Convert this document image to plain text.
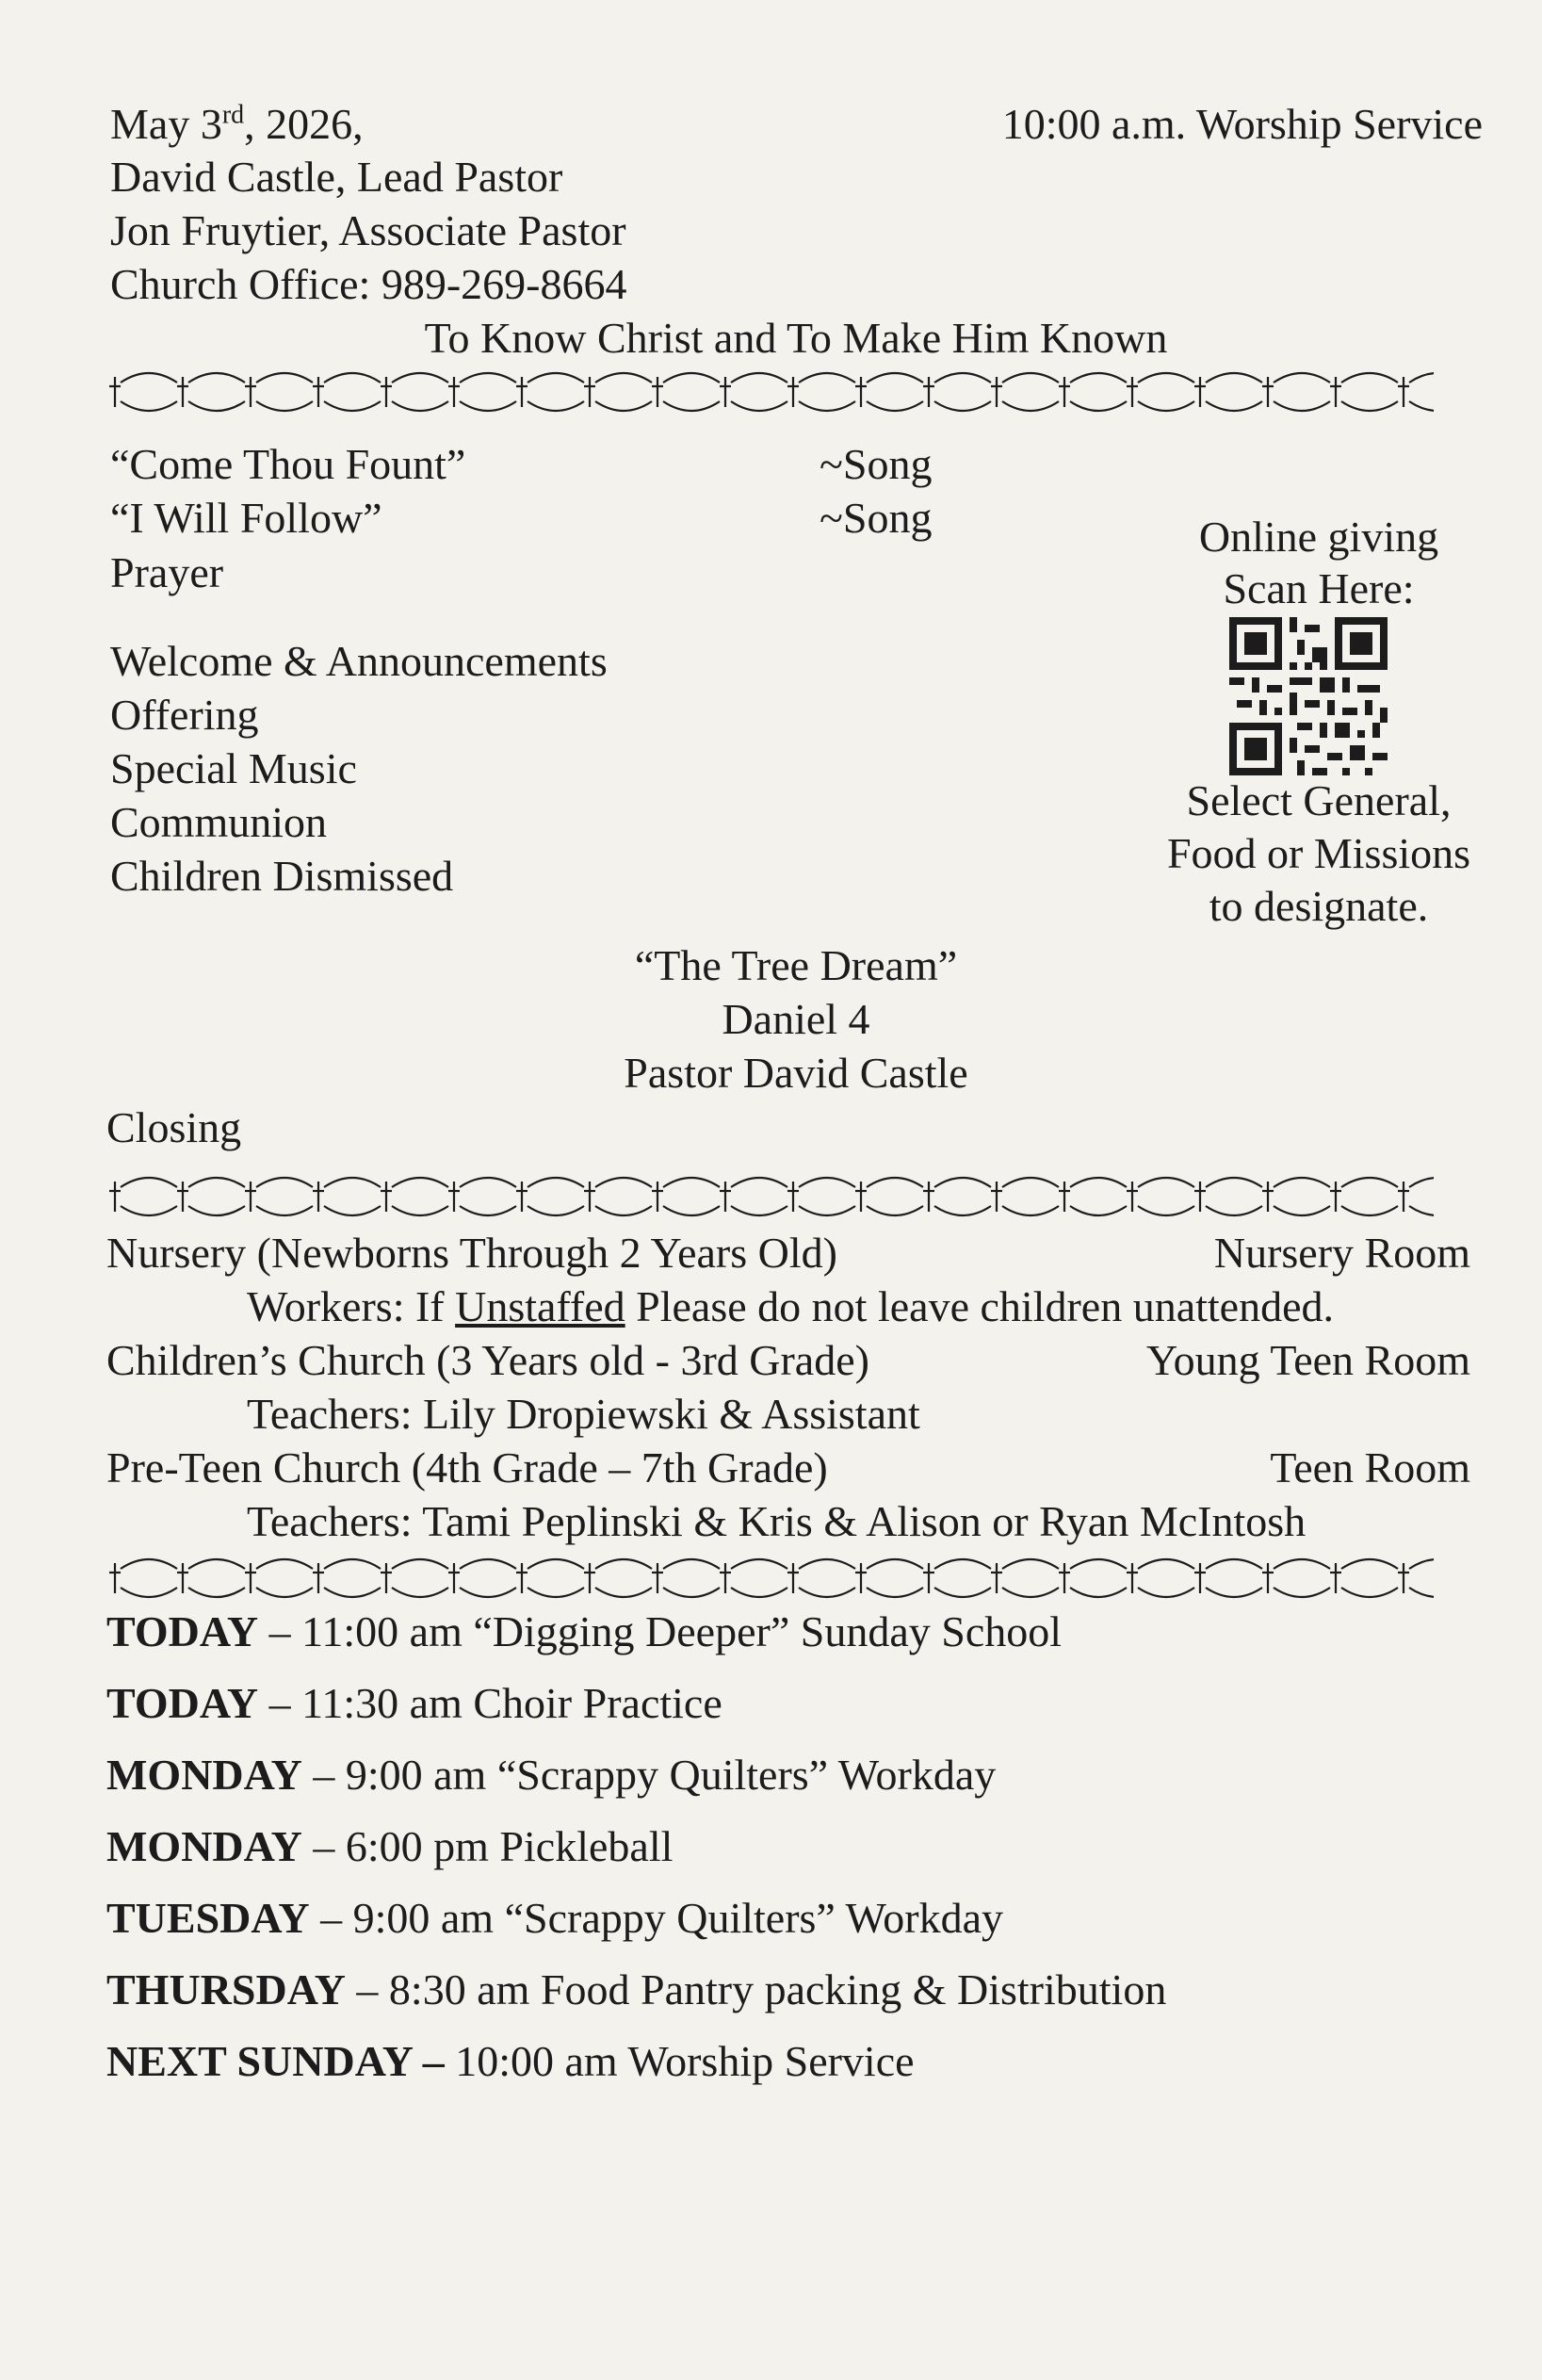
May 3rd, 2026,	10:00 a.m. Worship Service
David Castle, Lead Pastor
Jon Fruytier, Associate Pastor
Church Office: 989-269-8664
To Know Christ and To Make Him Known
“Come Thou Fount”	~Song
“I Will Follow”	~Song
Prayer
Welcome & Announcements
Offering
Special Music
Communion
Children Dismissed
Online giving
Scan Here:
Select General,
Food or Missions
to designate.
“The Tree Dream”
Daniel 4
Pastor David Castle
Closing
Nursery (Newborns Through 2 Years Old)	Nursery Room
Workers: If Unstaffed Please do not leave children unattended.
Children’s Church (3 Years old - 3rd Grade)	Young Teen Room
Teachers: Lily Dropiewski & Assistant
Pre-Teen Church (4th Grade – 7th Grade)	Teen Room
Teachers: Tami Peplinski & Kris & Alison or Ryan McIntosh
TODAY – 11:00 am “Digging Deeper” Sunday School
TODAY – 11:30 am Choir Practice
MONDAY – 9:00 am “Scrappy Quilters” Workday
MONDAY – 6:00 pm Pickleball
TUESDAY – 9:00 am “Scrappy Quilters” Workday
THURSDAY – 8:30 am Food Pantry packing & Distribution
NEXT SUNDAY – 10:00 am Worship Service
